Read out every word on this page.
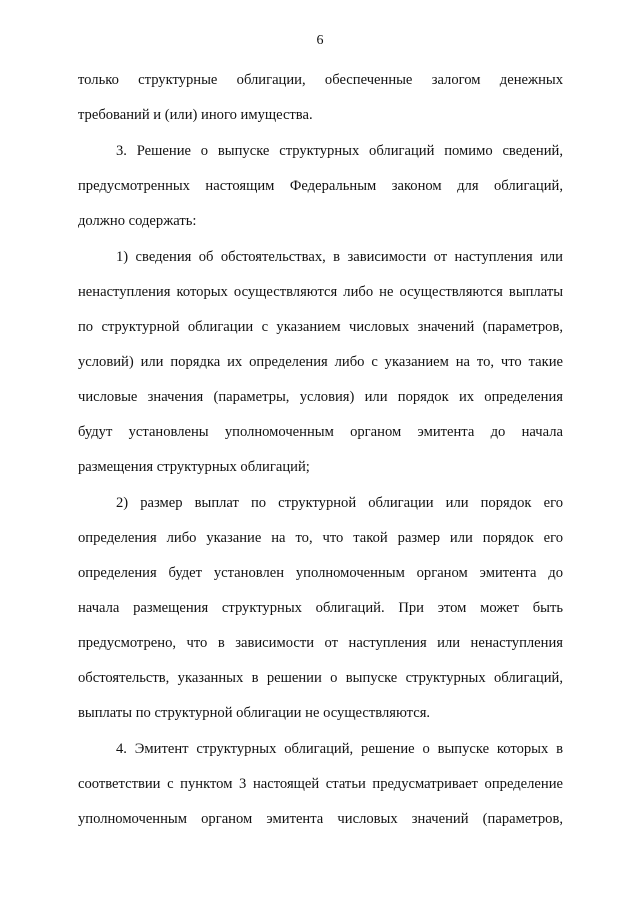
6
только структурные облигации, обеспеченные залогом денежных
требований и (или) иного имущества.
3. Решение о выпуске структурных облигаций помимо сведений,
предусмотренных настоящим Федеральным законом для облигаций,
должно содержать:
1) сведения об обстоятельствах, в зависимости от наступления или
ненаступления которых осуществляются либо не осуществляются выплаты
по структурной облигации с указанием числовых значений (параметров,
условий) или порядка их определения либо с указанием на то, что такие
числовые значения (параметры, условия) или порядок их определения
будут установлены уполномоченным органом эмитента до начала
размещения структурных облигаций;
2) размер выплат по структурной облигации или порядок его
определения либо указание на то, что такой размер или порядок его
определения будет установлен уполномоченным органом эмитента до
начала размещения структурных облигаций. При этом может быть
предусмотрено, что в зависимости от наступления или ненаступления
обстоятельств, указанных в решении о выпуске структурных облигаций,
выплаты по структурной облигации не осуществляются.
4. Эмитент структурных облигаций, решение о выпуске которых в
соответствии с пунктом 3 настоящей статьи предусматривает определение
уполномоченным органом эмитента числовых значений (параметров,
